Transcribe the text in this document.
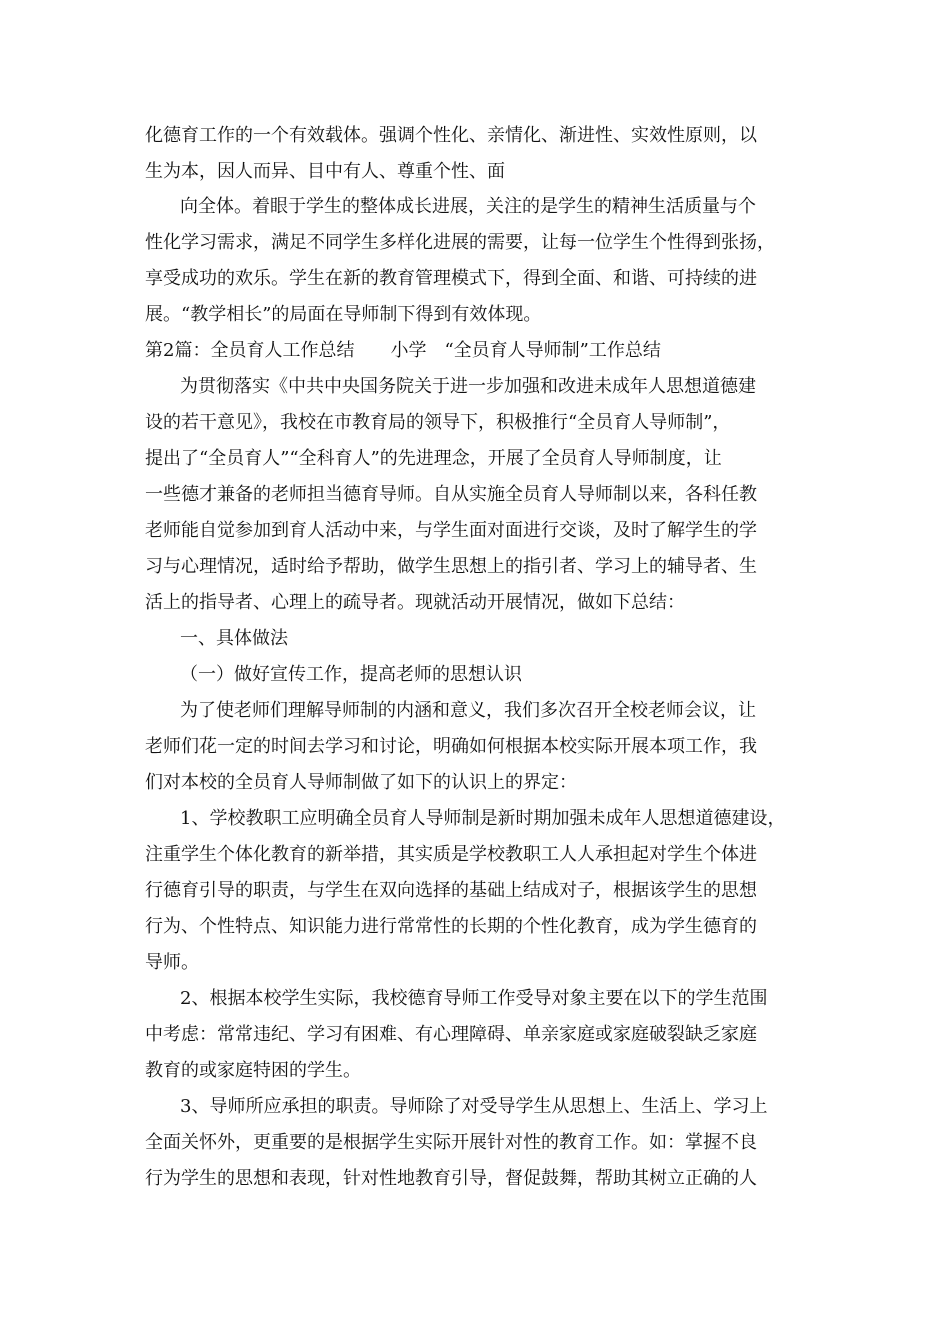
化德育工作的一个有效载体。强调个性化、亲情化、渐进性、实效性原则，以
生为本，因人而异、目中有人、尊重个性、面
向全体。着眼于学生的整体成长进展，关注的是学生的精神生活质量与个
性化学习需求，满足不同学生多样化进展的需要，让每一位学生个性得到张扬，
享受成功的欢乐。学生在新的教育管理模式下，得到全面、和谐、可持续的进
展。“教学相长”的局面在导师制下得到有效体现。
第2篇：全员育人工作总结　　小学　“全员育人导师制”工作总结
为贯彻落实《中共中央国务院关于进一步加强和改进未成年人思想道德建
设的若干意见》，我校在市教育局的领导下，积极推行“全员育人导师制”，
提出了“全员育人”“全科育人”的先进理念，开展了全员育人导师制度，让
一些德才兼备的老师担当德育导师。自从实施全员育人导师制以来，各科任教
老师能自觉参加到育人活动中来，与学生面对面进行交谈，及时了解学生的学
习与心理情况，适时给予帮助，做学生思想上的指引者、学习上的辅导者、生
活上的指导者、心理上的疏导者。现就活动开展情况，做如下总结：
一、具体做法
（一）做好宣传工作，提高老师的思想认识
为了使老师们理解导师制的内涵和意义，我们多次召开全校老师会议，让
老师们花一定的时间去学习和讨论，明确如何根据本校实际开展本项工作，我
们对本校的全员育人导师制做了如下的认识上的界定：
1、学校教职工应明确全员育人导师制是新时期加强未成年人思想道德建设，
注重学生个体化教育的新举措，其实质是学校教职工人人承担起对学生个体进
行德育引导的职责，与学生在双向选择的基础上结成对子，根据该学生的思想
行为、个性特点、知识能力进行常常性的长期的个性化教育，成为学生德育的
导师。
2、根据本校学生实际，我校德育导师工作受导对象主要在以下的学生范围
中考虑：常常违纪、学习有困难、有心理障碍、单亲家庭或家庭破裂缺乏家庭
教育的或家庭特困的学生。
3、导师所应承担的职责。导师除了对受导学生从思想上、生活上、学习上
全面关怀外，更重要的是根据学生实际开展针对性的教育工作。如：掌握不良
行为学生的思想和表现，针对性地教育引导，督促鼓舞，帮助其树立正确的人
